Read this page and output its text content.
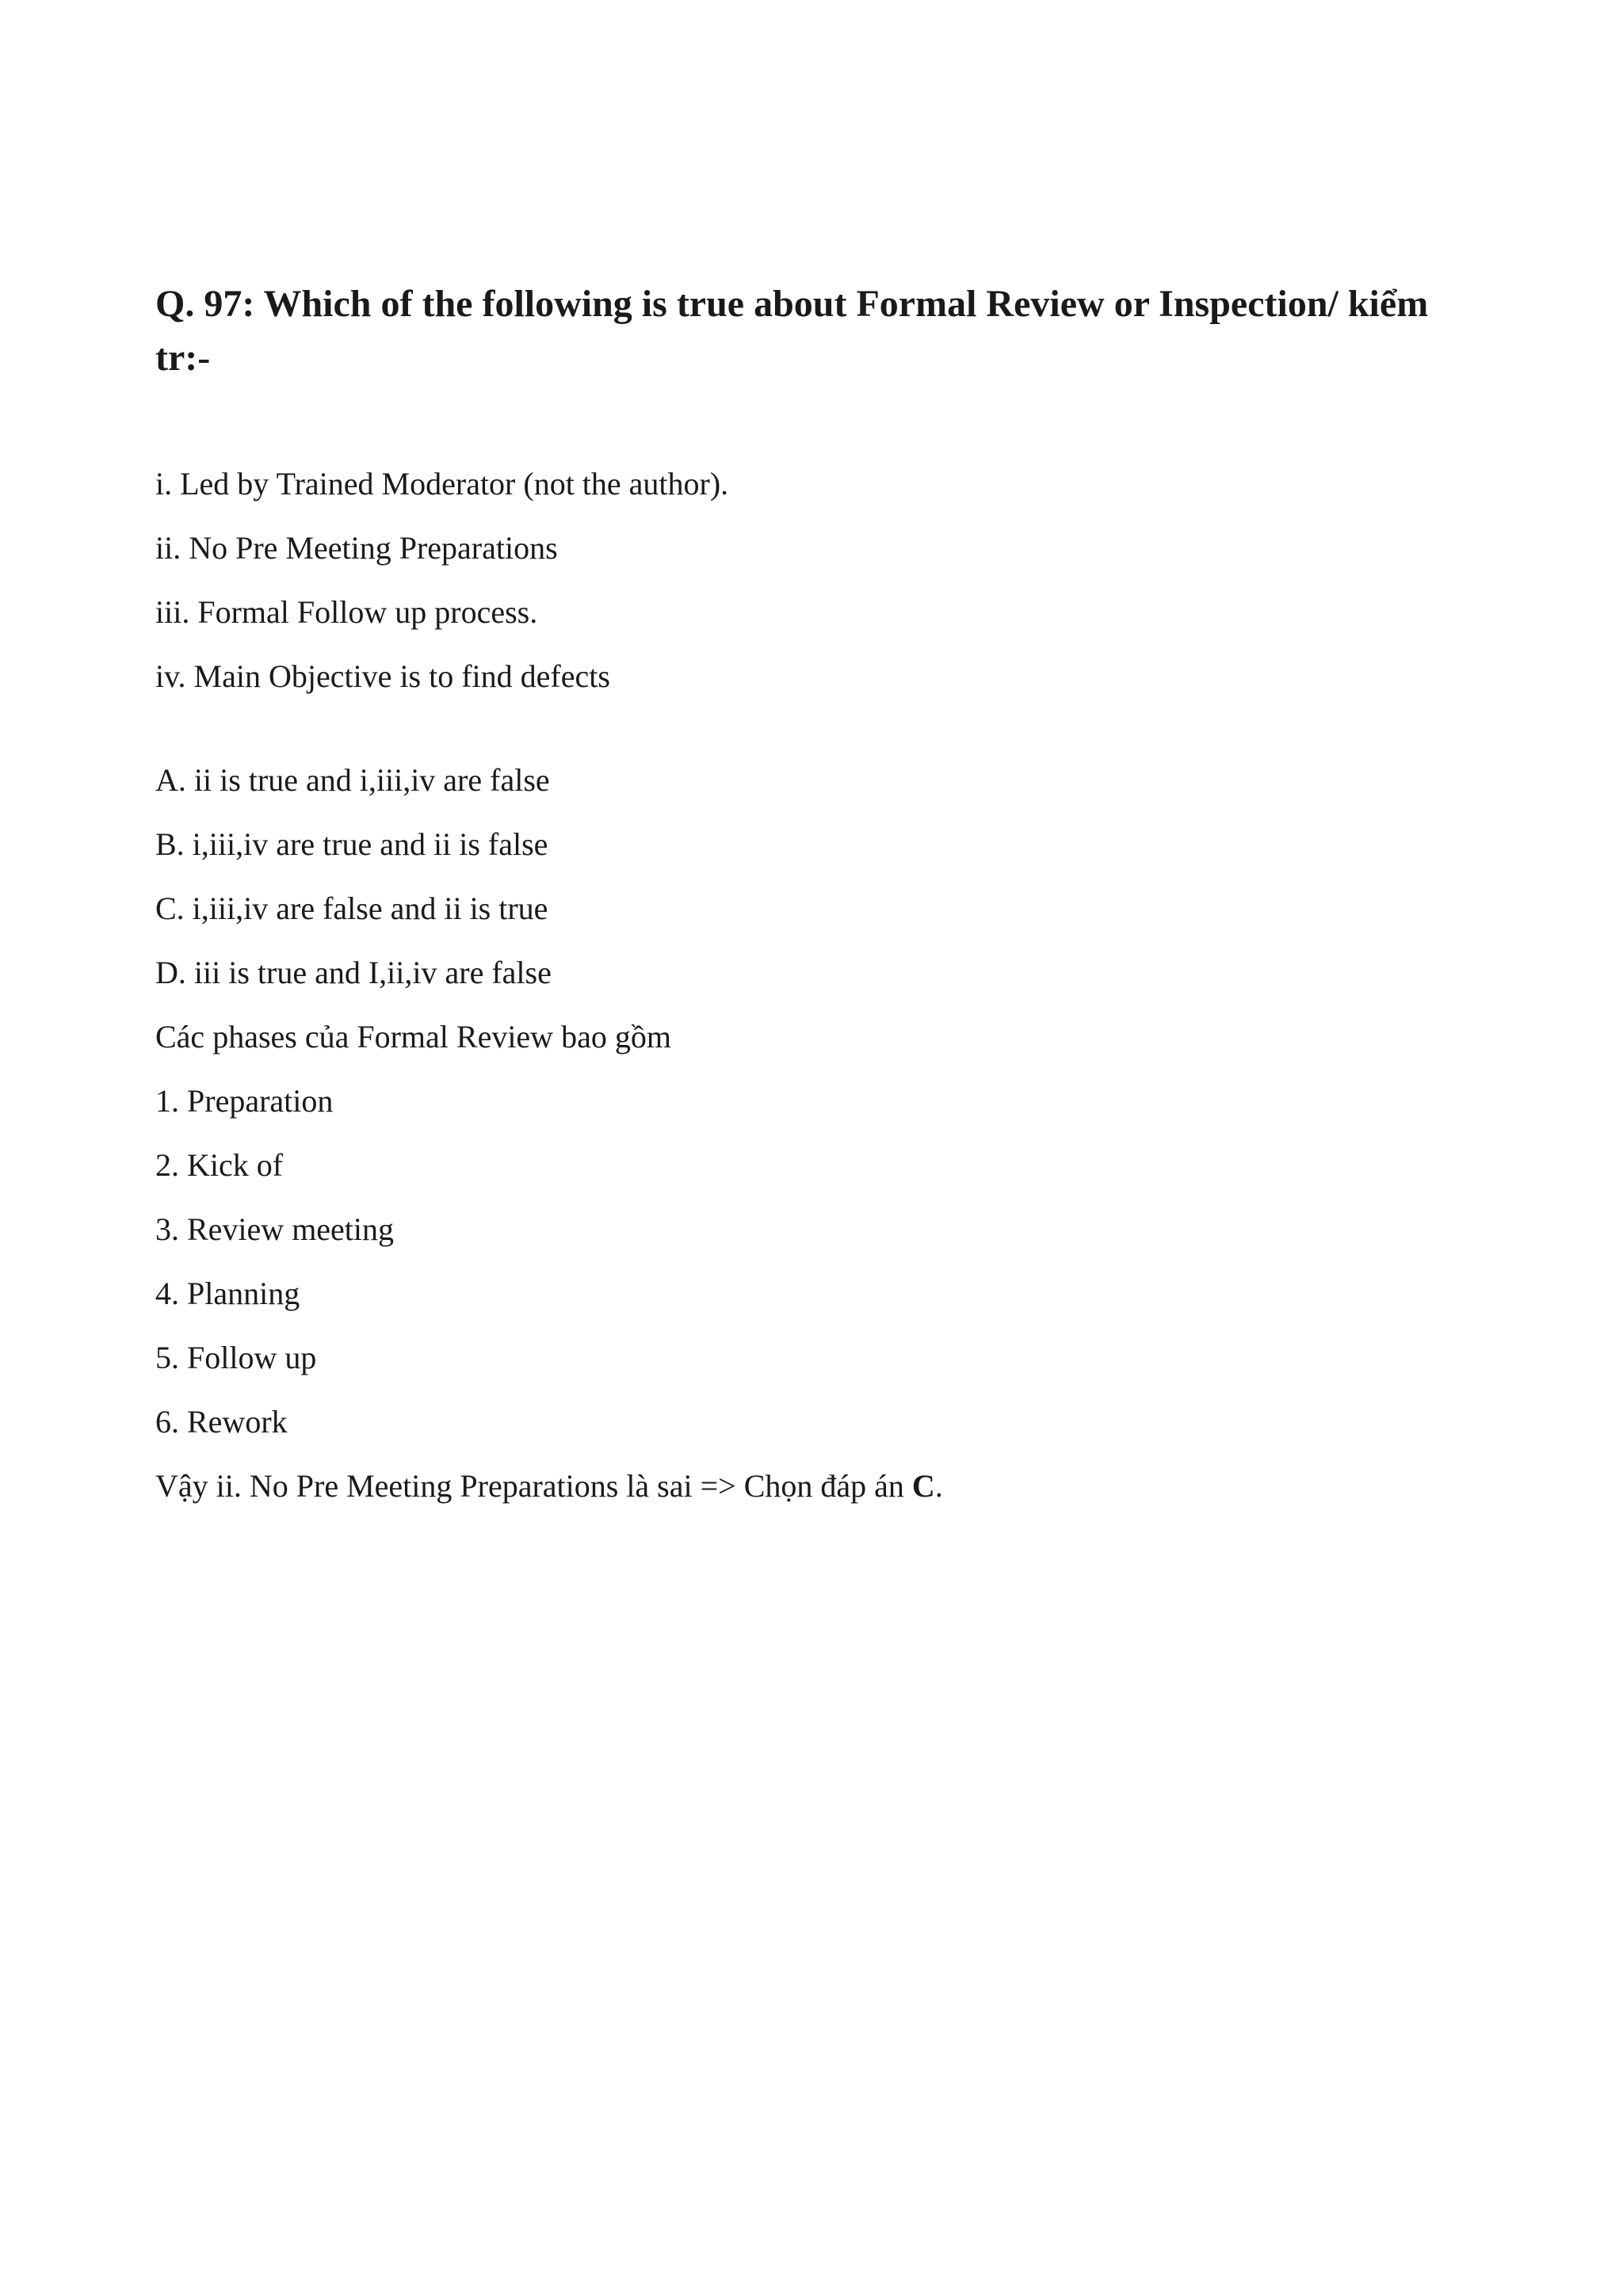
Q. 97: Which of the following is true about Formal Review or Inspection/ kiểm tr:-

i. Led by Trained Moderator (not the author).

ii. No Pre Meeting Preparations

iii. Formal Follow up process.

iv. Main Objective is to find defects

A. ii is true and i,iii,iv are false

B. i,iii,iv are true and ii is false

C. i,iii,iv are false and ii is true

D. iii is true and I,ii,iv are false

Các phases của Formal Review bao gồm

1. Preparation

2. Kick of

3. Review meeting

4. Planning

5. Follow up

6. Rework

Vậy ii. No Pre Meeting Preparations là sai => Chọn đáp án C.
